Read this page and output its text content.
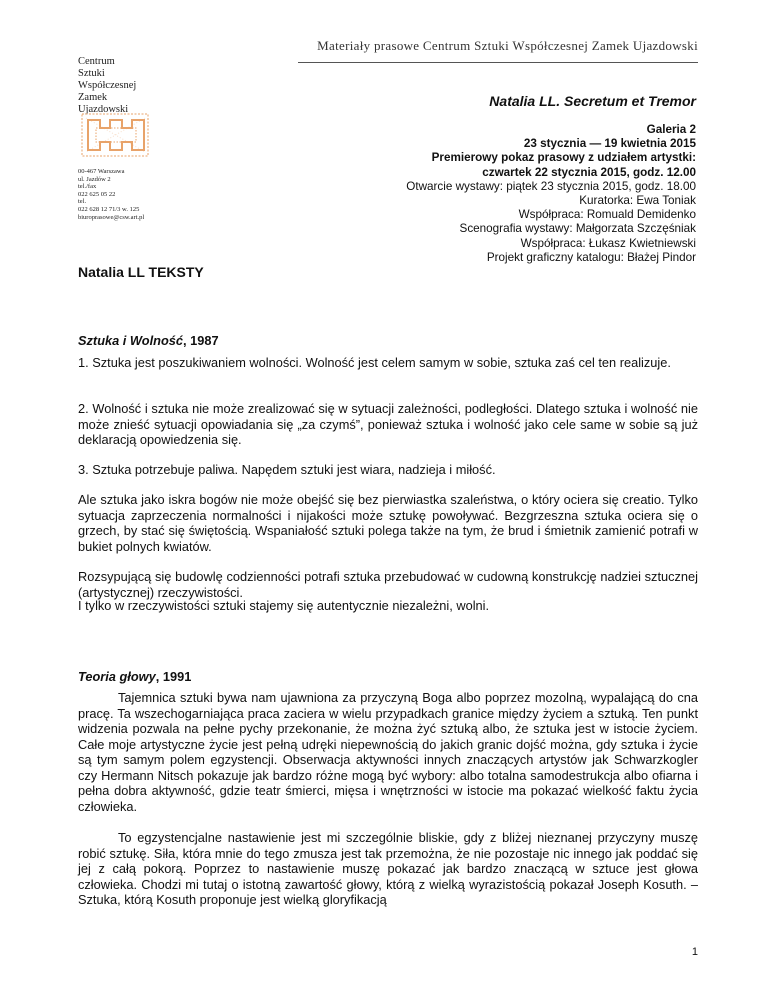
Materiały prasowe Centrum Sztuki Współczesnej Zamek Ujazdowski
Centrum
Sztuki
Współczesnej
Zamek
Ujazdowski
00-467 Warszawa
ul. Jazdów 2
tel./fax
022 625 05 22
tel.
022 628 12 71/3 w. 125
biuroprasowe@csw.art.pl
Natalia LL. Secretum et Tremor
Galeria 2
23 stycznia — 19 kwietnia 2015
Premierowy pokaz prasowy z udziałem artystki:
czwartek 22 stycznia 2015, godz. 12.00
Otwarcie wystawy: piątek 23 stycznia 2015, godz. 18.00
Kuratorka: Ewa Toniak
Współpraca: Romuald Demidenko
Scenografia wystawy: Małgorzata Szczęśniak
Współpraca: Łukasz Kwietniewski
Projekt graficzny katalogu: Błażej Pindor
Natalia LL TEKSTY
Sztuka i Wolność, 1987

1. Sztuka jest poszukiwaniem wolności. Wolność jest celem samym w sobie, sztuka zaś cel ten realizuje.

2. Wolność i sztuka nie może zrealizować się w sytuacji zależności, podległości. Dlatego sztuka i wolność nie może znieść sytuacji opowiadania się „za czymś”, ponieważ sztuka i wolność jako cele same w sobie są już deklaracją opowiedzenia się.

3. Sztuka potrzebuje paliwa. Napędem sztuki jest wiara, nadzieja i miłość.

Ale sztuka jako iskra bogów nie może obejść się bez pierwiastka szaleństwa, o który ociera się creatio. Tylko sytuacja zaprzeczenia normalności i nijakości może sztukę powoływać. Bezgrzeszna sztuka ociera się o grzech, by stać się świętością. Wspaniałość sztuki polega także na tym, że brud i śmietnik zamienić potrafi w bukiet polnych kwiatów.

Rozsypującą się budowlę codzienności potrafi sztuka przebudować w cudowną konstrukcję nadziei sztucznej (artystycznej) rzeczywistości.

I tylko w rzeczywistości sztuki stajemy się autentycznie niezależni, wolni.

Teoria głowy, 1991

Tajemnica sztuki bywa nam ujawniona za przyczyną Boga albo poprzez mozolną, wypalającą do cna pracę. Ta wszechogarniająca praca zaciera w wielu przypadkach granice między życiem a sztuką. Ten punkt widzenia pozwala na pełne pychy przekonanie, że można żyć sztuką albo, że sztuka jest w istocie życiem. Całe moje artystyczne życie jest pełną udręki niepewnością do jakich granic dojść można, gdy sztuka i życie są tym samym polem egzystencji. Obserwacja aktywności innych znaczących artystów jak Schwarzkogler czy Hermann Nitsch pokazuje jak bardzo różne mogą być wybory: albo totalna samodestrukcja albo ofiarna i pełna dobra aktywność, gdzie teatr śmierci, mięsa i wnętrzności w istocie ma pokazać wielkość faktu życia człowieka.

To egzystencjalne nastawienie jest mi szczególnie bliskie, gdy z bliżej nieznanej przyczyny muszę robić sztukę. Siła, która mnie do tego zmusza jest tak przemożna, że nie pozostaje nic innego jak poddać się jej z całą pokorą. Poprzez to nastawienie muszę pokazać jak bardzo znaczącą w sztuce jest głowa człowieka. Chodzi mi tutaj o istotną zawartość głowy, którą z wielką wyrazistością pokazał Joseph Kosuth. – Sztuka, którą Kosuth proponuje jest wielką gloryfikacją

1
